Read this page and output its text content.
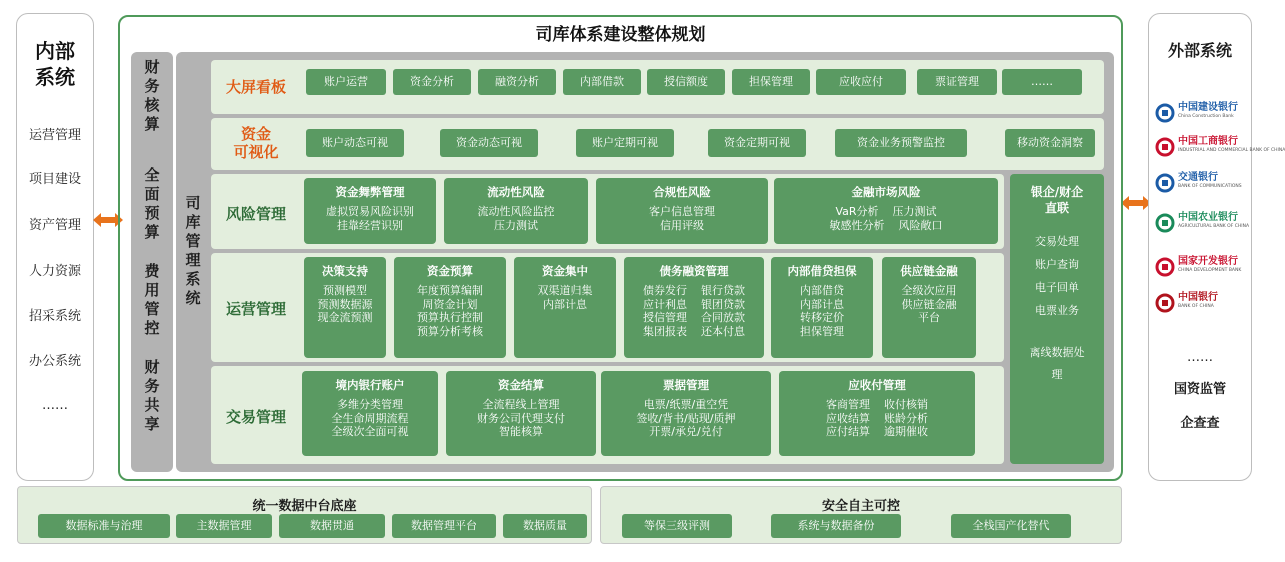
内部
系统
司库体系建设整体规划
财
务
核
算
全
面
预
算
费
用
管
控
财
务
共
享
司
库
管
理
系
统
大屏看板
资金
可视化
风险管理
运营管理
交易管理
资金舞弊管理
虚拟贸易风险识别
挂靠经营识别
流动性风险
流动性风险监控
压力测试
合规性风险
客户信息管理
信用评级
金融市场风险
VaR分析    压力测试
敏感性分析    风险敞口
决策支持
预测模型
预测数据源
现金流预测
资金预算
年度预算编制
周资金计划
预算执行控制
预算分析考核
资金集中
双渠道归集
内部计息
债务融资管理
债券发行    银行贷款
应计利息    银团贷款
授信管理    合同放款
集团报表    还本付息
内部借贷担保
内部借贷
内部计息
转移定价
担保管理
供应链金融
全级次应用
供应链金融
平台
境内银行账户
多维分类管理
全生命周期流程
全级次全面可视
资金结算
全流程线上管理
财务公司代理支付
智能核算
票据管理
电票/纸票/重空凭
签收/背书/贴现/质押
开票/承兑/兑付
应收付管理
客商管理    收付核销
应收结算    账龄分析
应付结算    逾期催收
银企/财企
直联
交易处理
账户查询
电子回单
电票业务
离线数据处
理
外部系统
中国建设银行
China Construction Bank
中国工商银行
INDUSTRIAL AND COMMERCIAL BANK OF CHINA
交通银行
BANK OF COMMUNICATIONS
中国农业银行
AGRICULTURAL BANK OF CHINA
国家开发银行
CHINA DEVELOPMENT BANK
中国银行
BANK OF CHINA
……
国资监管
企查查
统一数据中台底座	安全自主可控
运营管理
项目建设
资产管理
人力资源
招采系统
办公系统
……
账户运营	资金分析	融资分析	内部借款	授信额度	担保管理	应收应付	票证管理	……
账户动态可视	资金动态可视	账户定期可视	资金定期可视	资金业务预警监控	移动资金洞察
数据标准与治理	主数据管理	数据贯通	数据管理平台	数据质量	等保三级评测	系统与数据备份	全栈国产化替代
